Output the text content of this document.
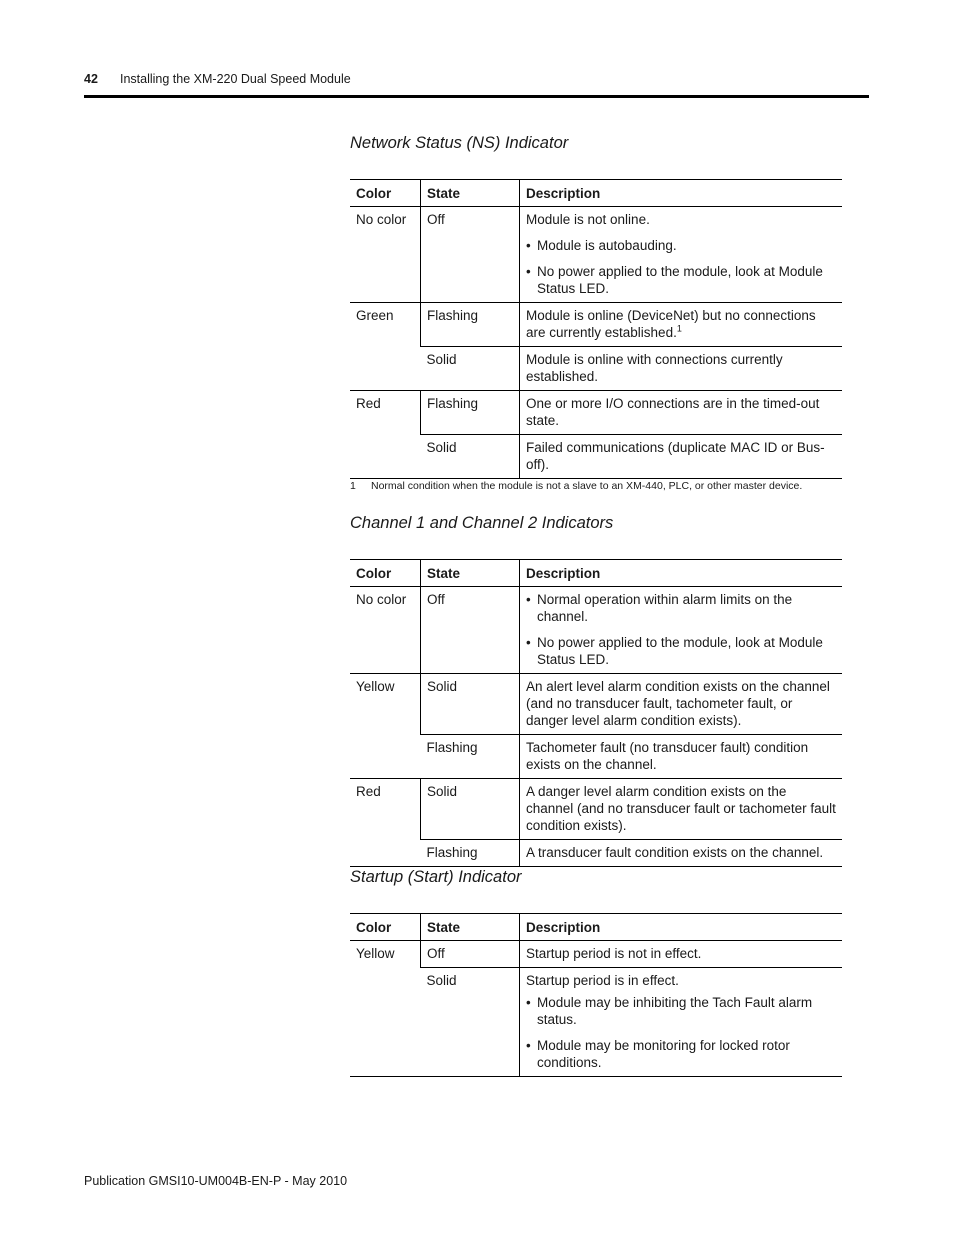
42 Installing the XM-220 Dual Speed Module
Network Status (NS) Indicator
Color	State	Description
No color	Off	Module is not online.
• Module is autobauding.
• No power applied to the module, look at Module Status LED.

Green	Flashing	Module is online (DeviceNet) but no connections are currently established.$^1$

	Solid	Module is online with connections currently established.

Red	Flashing	One or more I/O connections are in the timed-out state.

	Solid	Failed communications (duplicate MAC ID or Bus-off).
1 Normal condition when the module is not a slave to an XM-440, PLC, or other master device.
Channel 1 and Channel 2 Indicators
Color	State	Description
No color	Off	• Normal operation within alarm limits on the channel.
• No power applied to the module, look at Module Status LED.

Yellow	Solid	An alert level alarm condition exists on the channel (and no transducer fault, tachometer fault, or danger level alarm condition exists).

	Flashing	Tachometer fault (no transducer fault) condition exists on the channel.

Red	Solid	A danger level alarm condition exists on the channel (and no transducer fault or tachometer fault condition exists).

	Flashing	A transducer fault condition exists on the channel.
Startup (Start) Indicator
Color	State	Description
Yellow	Off	Startup period is not in effect.

	Solid	Startup period is in effect.
• Module may be inhibiting the Tach Fault alarm status.
• Module may be monitoring for locked rotor conditions.
Publication GMSI10-UM004B-EN-P - May 2010
